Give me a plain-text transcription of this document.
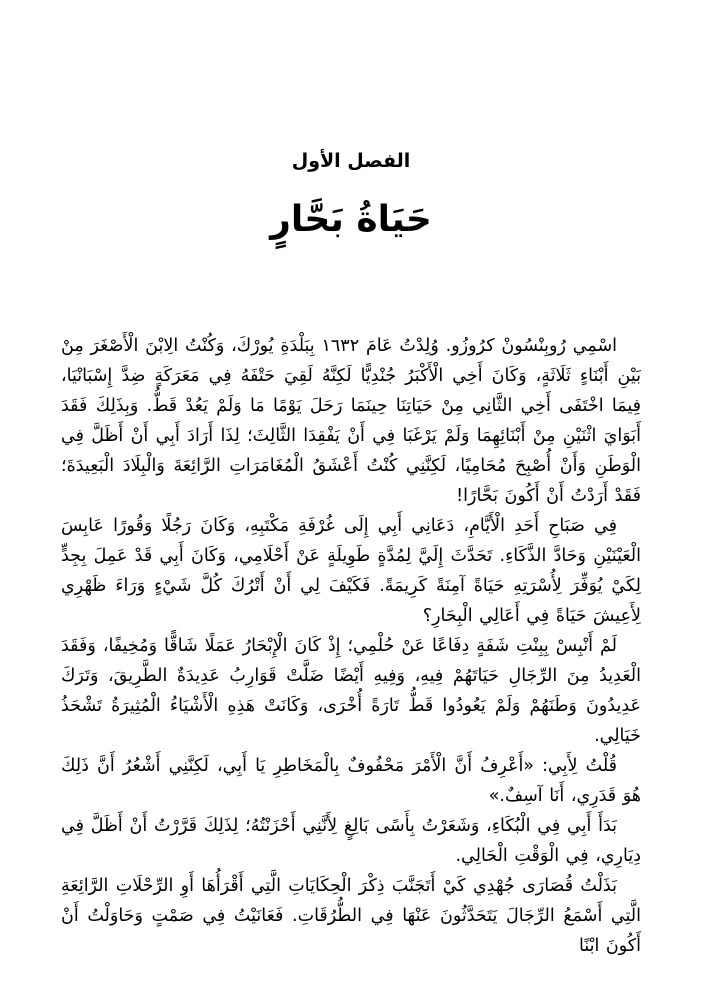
الفصل الأول
حَيَاةُ بَحَّارٍ

اسْمِي رُوبِنْسُونْ كرُوزُو. وُلِدْتُ عَامَ ١٦٣٢ بِبَلْدَةِ يُورْكَ، وَكُنْتُ الِابْنَ الْأَصْغَرَ مِنْ بَيْنِ أَبْنَاءٍ ثَلَاثَةٍ، وَكَانَ أَخِي الْأَكْبَرُ جُنْدِيًّا لَكِنَّهُ لَقِيَ حَتْفَهُ فِي مَعَرَكَةٍ ضِدَّ إِسْبَانْيَا، فِيمَا اخْتَفَى أَخِي الثَّانِي مِنْ حَيَاتِنَا حِينَمَا رَحَلَ يَوْمًا مَا وَلَمْ يَعُدْ قَطُّ. وَبِذَلِكَ فَقَدَ أَبَوَايَ اثْنَيْنِ مِنْ أَبْنَائِهِمَا وَلَمْ يَرْغَبَا فِي أَنْ يَفْقِدَا الثَّالِثَ؛ لِذَا أَرَادَ أَبِي أَنْ أَظَلَّ فِي الْوَطَنِ وَأَنْ أُصْبِحَ مُحَامِيًا، لَكِنَّنِي كُنْتُ أَعْشَقُ الْمُغَامَرَاتِ الرَّائِعَةَ وَالْبِلَادَ الْبَعِيدَةَ؛ فَقَدْ أَرَدْتُ أَنْ أَكُونَ بَحَّارًا!

فِي صَبَاحِ أَحَدِ الْأَيَّامِ، دَعَانِي أَبِي إِلَى غُرْفَةِ مَكْتَبِهِ، وَكَانَ رَجُلًا وَقُورًا عَابِسَ الْعَيْنَيْنِ وَحَادَّ الذَّكَاءِ. تَحَدَّثَ إِلَيَّ لِمُدَّةٍ طَوِيلَةٍ عَنْ أَحْلَامِي، وَكَانَ أَبِي قَدْ عَمِلَ بِجِدٍّ لِكَيْ يُوَفِّرَ لِأُسْرَتِهِ حَيَاةً آمِنَةً كَرِيمَةً. فَكَيْفَ لِي أَنْ أَتْرُكَ كُلَّ شَيْءٍ وَرَاءَ ظَهْرِي لِأَعِيشَ حَيَاةً فِي أَعَالِي الْبِحَارِ؟

لَمْ أَنْبِسْ بِبِنْتِ شَفَةٍ دِفَاعًا عَنْ حُلْمِي؛ إِذْ كَانَ الْإِبْحَارُ عَمَلًا شَاقًّا وَمُخِيفًا، وَفَقَدَ الْعَدِيدُ مِنَ الرِّجَالِ حَيَاتَهُمْ فِيهِ، وَفِيهِ أَيْضًا ضَلَّتْ قَوَارِبُ عَدِيدَةٌ الطَّرِيقَ، وَتَرَكَ عَدِيدُونَ وَطَنَهُمْ وَلَمْ يَعُودُوا قَطُّ تَارَةً أُخْرَى، وَكَانَتْ هَذِهِ الْأَشْيَاءُ الْمُثِيرَةُ تَشْحَذُ خَيَالِي.

قُلْتُ لِأَبِي: «أَعْرِفُ أَنَّ الْأَمْرَ مَحْفُوفٌ بِالْمَخَاطِرِ يَا أَبِي، لَكِنَّنِي أَشْعُرُ أَنَّ ذَلِكَ هُوَ قَدَرِي، أَنَا آسِفٌ.»

بَدَأَ أَبِي فِي الْبُكَاءِ، وَشَعَرْتُ بِأَسًى بَالِغٍ لِأَنَّنِي أَحْزَنْتُهُ؛ لِذَلِكَ قَرَّرْتُ أَنْ أَظَلَّ فِي دِيَارِي، فِي الْوَقْتِ الْحَالِي.

بَذَلْتُ قُصَارَى جُهْدِي كَيْ أَتَجَنَّبَ ذِكْرَ الْحِكَايَاتِ الَّتِي أَقْرَأُهَا أَوِ الرِّحْلَاتِ الرَّائِعَةِ الَّتِي أَسْمَعُ الرِّجَالَ يَتَحَدَّثُونَ عَنْهَا فِي الطُّرُقَاتِ. فَعَانَيْتُ فِي صَمْتٍ وَحَاوَلْتُ أَنْ أَكُونَ ابْنًا
